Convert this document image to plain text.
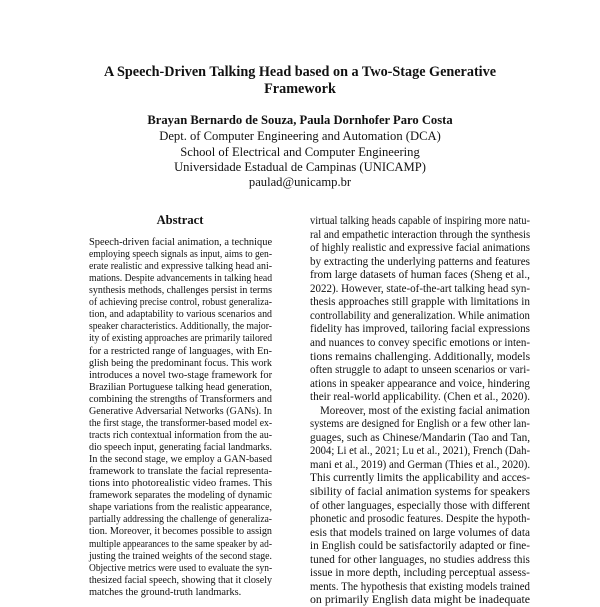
A Speech-Driven Talking Head based on a Two-Stage Generative
Framework
Brayan Bernardo de Souza, Paula Dornhofer Paro Costa
Dept. of Computer Engineering and Automation (DCA)
School of Electrical and Computer Engineering
Universidade Estadual de Campinas (UNICAMP)
paulad@unicamp.br
Abstract
Speech-driven facial animation, a technique
employing speech signals as input, aims to gen-
erate realistic and expressive talking head ani-
mations. Despite advancements in talking head
synthesis methods, challenges persist in terms
of achieving precise control, robust generaliza-
tion, and adaptability to various scenarios and
speaker characteristics. Additionally, the major-
ity of existing approaches are primarily tailored
for a restricted range of languages, with En-
glish being the predominant focus. This work
introduces a novel two-stage framework for
Brazilian Portuguese talking head generation,
combining the strengths of Transformers and
Generative Adversarial Networks (GANs). In
the first stage, the transformer-based model ex-
tracts rich contextual information from the au-
dio speech input, generating facial landmarks.
In the second stage, we employ a GAN-based
framework to translate the facial representa-
tions into photorealistic video frames. This
framework separates the modeling of dynamic
shape variations from the realistic appearance,
partially addressing the challenge of generaliza-
tion. Moreover, it becomes possible to assign
multiple appearances to the same speaker by ad-
justing the trained weights of the second stage.
Objective metrics were used to evaluate the syn-
thesized facial speech, showing that it closely
matches the ground-truth landmarks.
virtual talking heads capable of inspiring more natu-
ral and empathetic interaction through the synthesis
of highly realistic and expressive facial animations
by extracting the underlying patterns and features
from large datasets of human faces (Sheng et al.,
2022). However, state-of-the-art talking head syn-
thesis approaches still grapple with limitations in
controllability and generalization. While animation
fidelity has improved, tailoring facial expressions
and nuances to convey specific emotions or inten-
tions remains challenging. Additionally, models
often struggle to adapt to unseen scenarios or vari-
ations in speaker appearance and voice, hindering
their real-world applicability. (Chen et al., 2020).
Moreover, most of the existing facial animation
systems are designed for English or a few other lan-
guages, such as Chinese/Mandarin (Tao and Tan,
2004; Li et al., 2021; Lu et al., 2021), French (Dah-
mani et al., 2019) and German (Thies et al., 2020).
This currently limits the applicability and acces-
sibility of facial animation systems for speakers
of other languages, especially those with different
phonetic and prosodic features. Despite the hypoth-
esis that models trained on large volumes of data
in English could be satisfactorily adapted or fine-
tuned for other languages, no studies address this
issue in more depth, including perceptual assess-
ments. The hypothesis that existing models trained
on primarily English data might be inadequate
